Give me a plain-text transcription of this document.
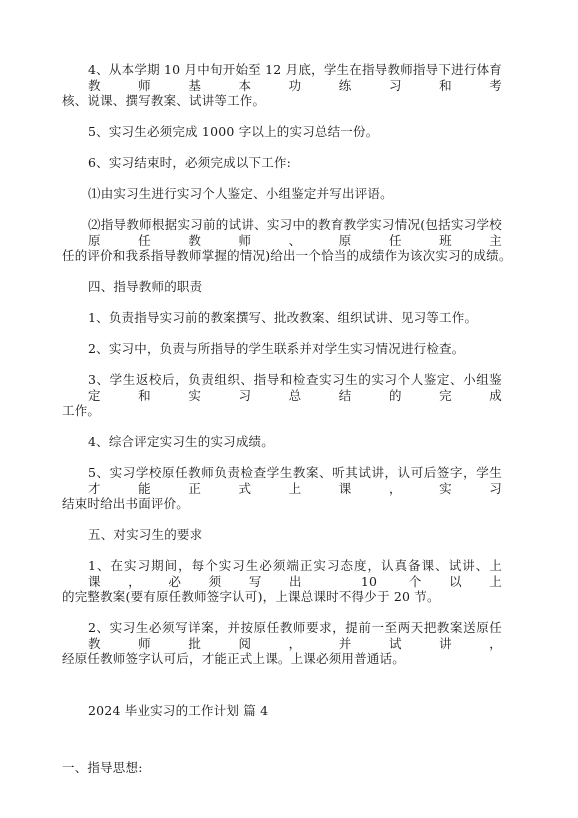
4、从本学期 10 月中旬开始至 12 月底，学生在指导教师指导下进行体育教师基本功练习和考
核、说课、撰写教案、试讲等工作。
5、实习生必须完成 1000 字以上的实习总结一份。
6、实习结束时，必须完成以下工作:
⑴由实习生进行实习个人鉴定、小组鉴定并写出评语。
⑵指导教师根据实习前的试讲、实习中的教育教学实习情况(包括实习学校原任教师、原任班主
任的评价和我系指导教师掌握的情况)给出一个恰当的成绩作为该次实习的成绩。
四、指导教师的职责
1、负责指导实习前的教案撰写、批改教案、组织试讲、见习等工作。
2、实习中，负责与所指导的学生联系并对学生实习情况进行检查。
3、学生返校后，负责组织、指导和检查实习生的实习个人鉴定、小组鉴定和实习总结的完成
工作。
4、综合评定实习生的实习成绩。
5、实习学校原任教师负责检查学生教案、听其试讲，认可后签字，学生才能正式上课，实习
结束时给出书面评价。
五、对实习生的要求
1、在实习期间，每个实习生必须端正实习态度，认真备课、试讲、上课，必须写出 10 个以上
的完整教案(要有原任教师签字认可)，上课总课时不得少于 20 节。
2、实习生必须写详案，并按原任教师要求，提前一至两天把教案送原任教师批阅，并试讲，
经原任教师签字认可后，才能正式上课。上课必须用普通话。
2024 毕业实习的工作计划 篇 4
一、指导思想:
